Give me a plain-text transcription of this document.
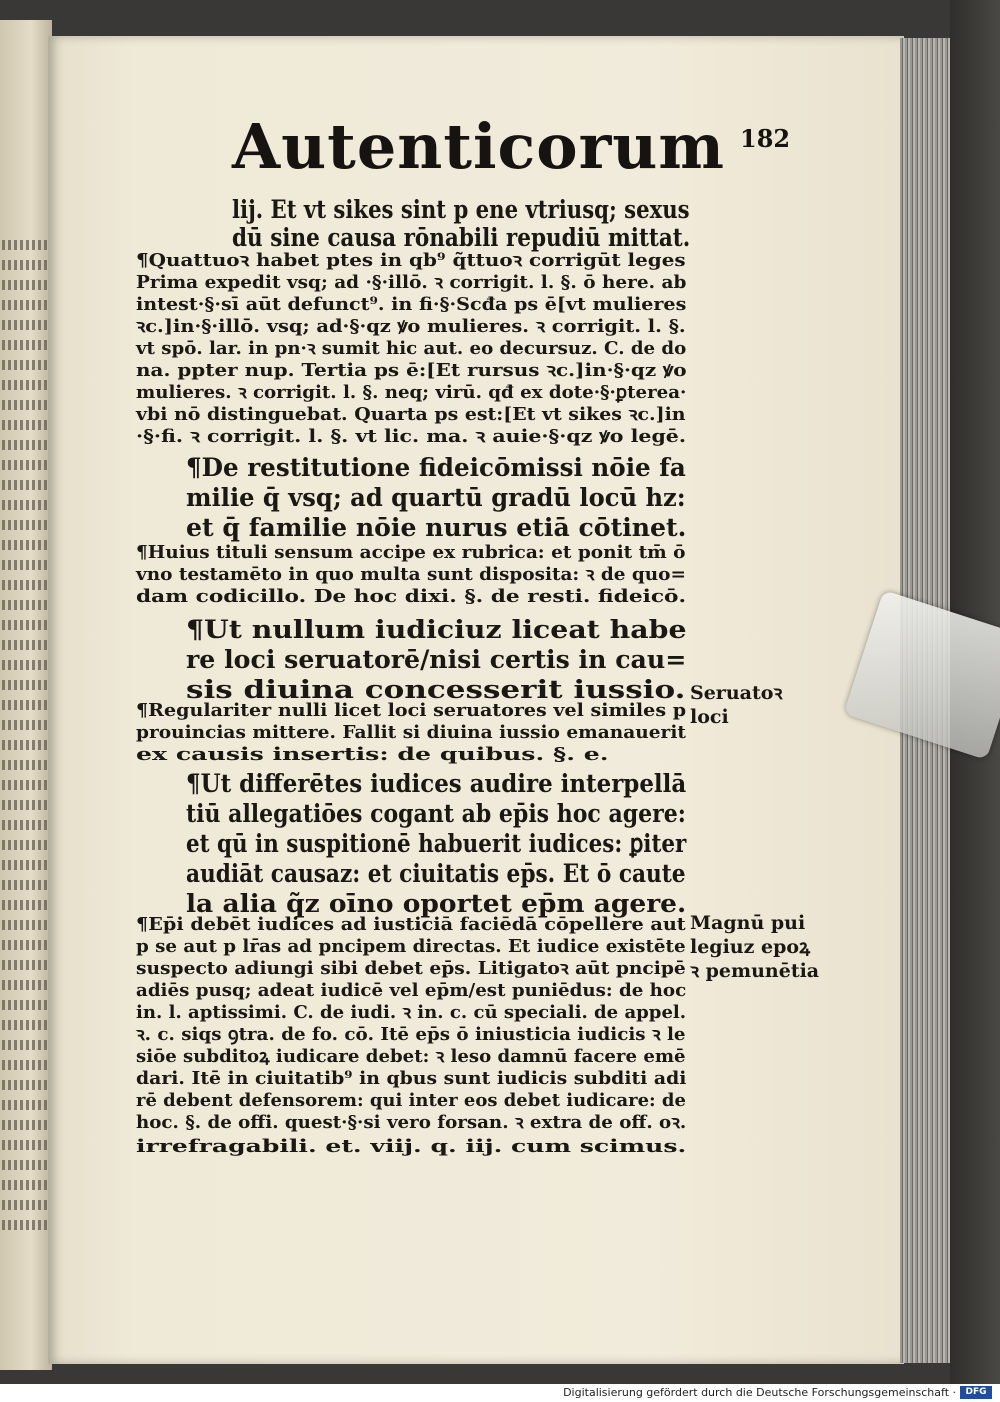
Autenticorum 182
lij. Et vt sikes sint p ene vtriusq; sexus
dū sine causa rōnabili repudiū mittat.
¶Quattuoꝛ habet ptes in qb⁹ q̃ttuoꝛ corrigūt leges
Prima expedit vsq; ad ·§·illō. ꝛ corrigit. l. §. ō here. ab
intest·§·sī aūt defunct⁹. in fi·§·Scđa ps ē[vt mulieres
ꝛc.]in·§·illō. vsq; ad·§·qz ꝟo mulieres. ꝛ corrigit. l. §.
vt spō. lar. in pn·ꝛ sumit hic aut. eo decursuz. C. de do
na. ppter nup. Tertia ps ē:[Et rursus ꝛc.]in·§·qz ꝟo
mulieres. ꝛ corrigit. l. §. neq; virū. qđ ex dote·§·ꝑterea·
vbi nō distinguebat. Quarta ps est:[Et vt sikes ꝛc.]in
·§·fi. ꝛ corrigit. l. §. vt lic. ma. ꝛ auie·§·qz ꝟo legē.
¶De restitutione fideicōmissi nōie fa
milie q̄ vsq; ad quartū gradū locū hz:
et q̄ familie nōie nurus etiā cōtinet.
¶Huius tituli sensum accipe ex rubrica: et ponit tm̄ ō
vno testamēto in quo multa sunt disposita: ꝛ de quo=
dam codicillo. De hoc dixi. §. de resti. fideicō.
¶Ut nullum iudiciuz liceat habe
re loci seruatorē/nisi certis in cau=
sis diuina concesserit iussio.
¶Regulariter nulli licet loci seruatores vel similes p
prouincias mittere. Fallit si diuina iussio emanauerit
ex causis insertis: de quibus. §. e.
¶Ut differētes iudices audire interpellā
tiū allegatiōes cogant ab ep̄is hoc agere:
et qū in suspitionē habuerit iudices: ꝑiter
audiāt causaz: et ciuitatis ep̄s. Et ō caute
la alia q̃z oīno oportet ep̄m agere.
¶Ep̄i debēt iudices ad iusticiā faciēdā cōpellere aut
p se aut p lr̄as ad pncipem directas. Et iudice existēte
suspecto adiungi sibi debet ep̄s. Litigatoꝛ aūt pncipē
adiēs pusq; adeat iudicē vel ep̄m/est puniēdus: de hoc
in. l. aptissimi. C. de iudi. ꝛ in. c. cū speciali. de appel.
ꝛ. c. siqs ꝯtra. de fo. cō. Itē ep̄s ō iniusticia iudicis ꝛ le
siōe subditoꝝ iudicare debet: ꝛ leso damnū facere emē
dari. Itē in ciuitatib⁹ in qbus sunt iudicis subditi adi
rē debent defensorem: qui inter eos debet iudicare: de
hoc. §. de offi. quest·§·si vero forsan. ꝛ extra de off. oꝛ.
irrefragabili. et. viij. q. iij. cum scimus.
Seruatoꝛ
loci
Magnū pui
legiuz epoꝝ
ꝛ pemunētia
Digitalisierung gefördert durch die Deutsche Forschungsgemeinschaft ·	DFG
